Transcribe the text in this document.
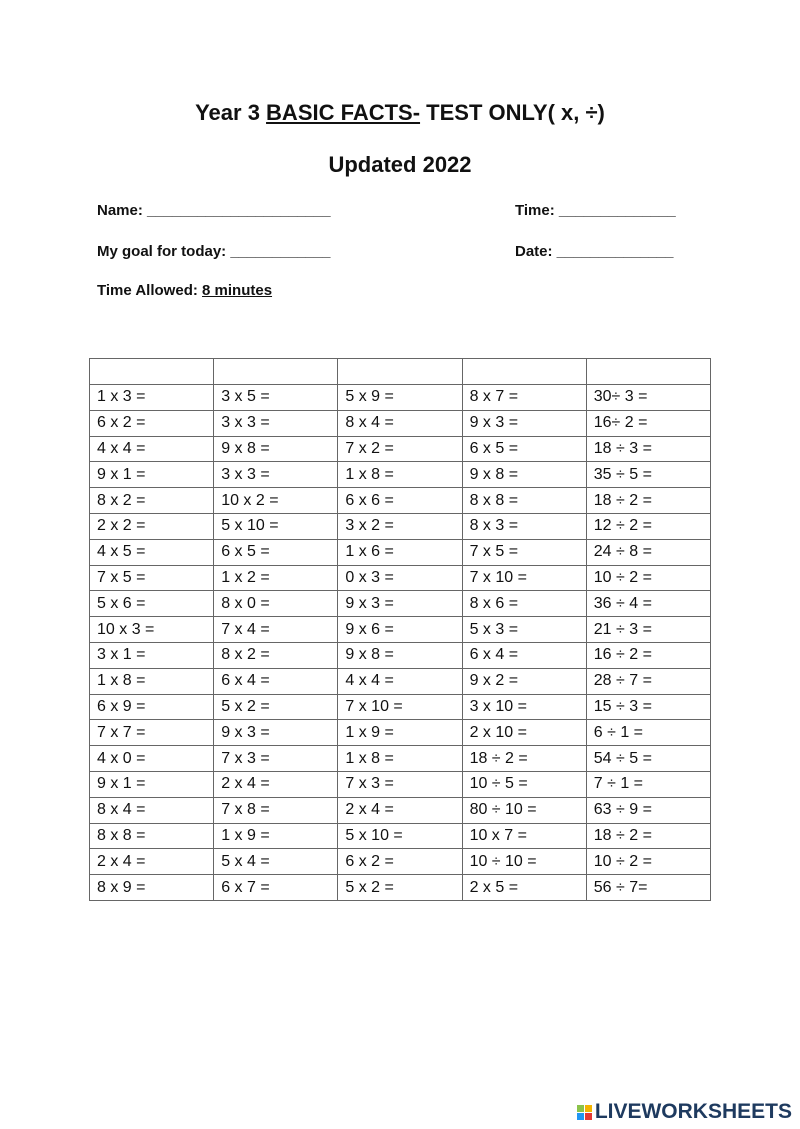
Year 3 BASIC FACTS- TEST ONLY( x, ÷)
Updated 2022
Name: ______________________	Time: ______________
My goal for today: ____________	Date: ______________
Time Allowed: 8 minutes

1 x 3 =	3 x 5 =	5 x 9 =	8 x 7 =	30÷ 3 =
6 x 2 =	3 x 3 =	8 x 4 =	9 x 3 =	16÷ 2 =
4 x 4 =	9 x 8 =	7 x 2 =	6 x 5 =	18 ÷ 3 =
9 x 1 =	3 x 3 =	1 x 8 =	9 x 8 =	35 ÷ 5 =
8 x 2 =	10 x 2 =	6 x 6 =	8 x 8 =	18 ÷ 2 =
2 x 2 =	5 x 10 =	3 x 2 =	8 x 3 =	12 ÷ 2 =
4 x 5 =	6 x 5 =	1 x 6 =	7 x 5 =	24 ÷ 8 =
7 x 5 =	1 x 2 =	0 x 3 =	7 x 10 =	10 ÷ 2 =
5 x 6 =	8 x 0 =	9 x 3 =	8 x 6 =	36 ÷ 4 =
10 x 3 =	7 x 4 =	9 x 6 =	5 x 3 =	21 ÷ 3 =
3 x 1 =	8 x 2 =	9 x 8 =	6 x 4 =	16 ÷ 2 =
1 x 8 =	6 x 4 =	4 x 4 =	9 x 2 =	28 ÷ 7 =
6 x 9 =	5 x 2 =	7 x 10 =	3 x 10 =	15 ÷ 3 =
7 x 7 =	9 x 3 =	1 x 9 =	2 x 10 =	6 ÷ 1 =
4 x 0 =	7 x 3 =	1 x 8 =	18 ÷ 2 =	54 ÷ 5 =
9 x 1 =	2 x 4 =	7 x 3 =	10 ÷ 5 =	7 ÷ 1 =
8 x 4 =	7 x 8 =	2 x 4 =	80 ÷ 10 =	63 ÷ 9 =
8 x 8 =	1 x 9 =	5 x 10 =	10 x 7 =	18 ÷ 2 =
2 x 4 =	5 x 4 =	6 x 2 =	10 ÷ 10 =	10 ÷ 2 =
8 x 9 =	6 x 7 =	5 x 2 =	2 x 5 =	56 ÷ 7=
LIVEWORKSHEETS
